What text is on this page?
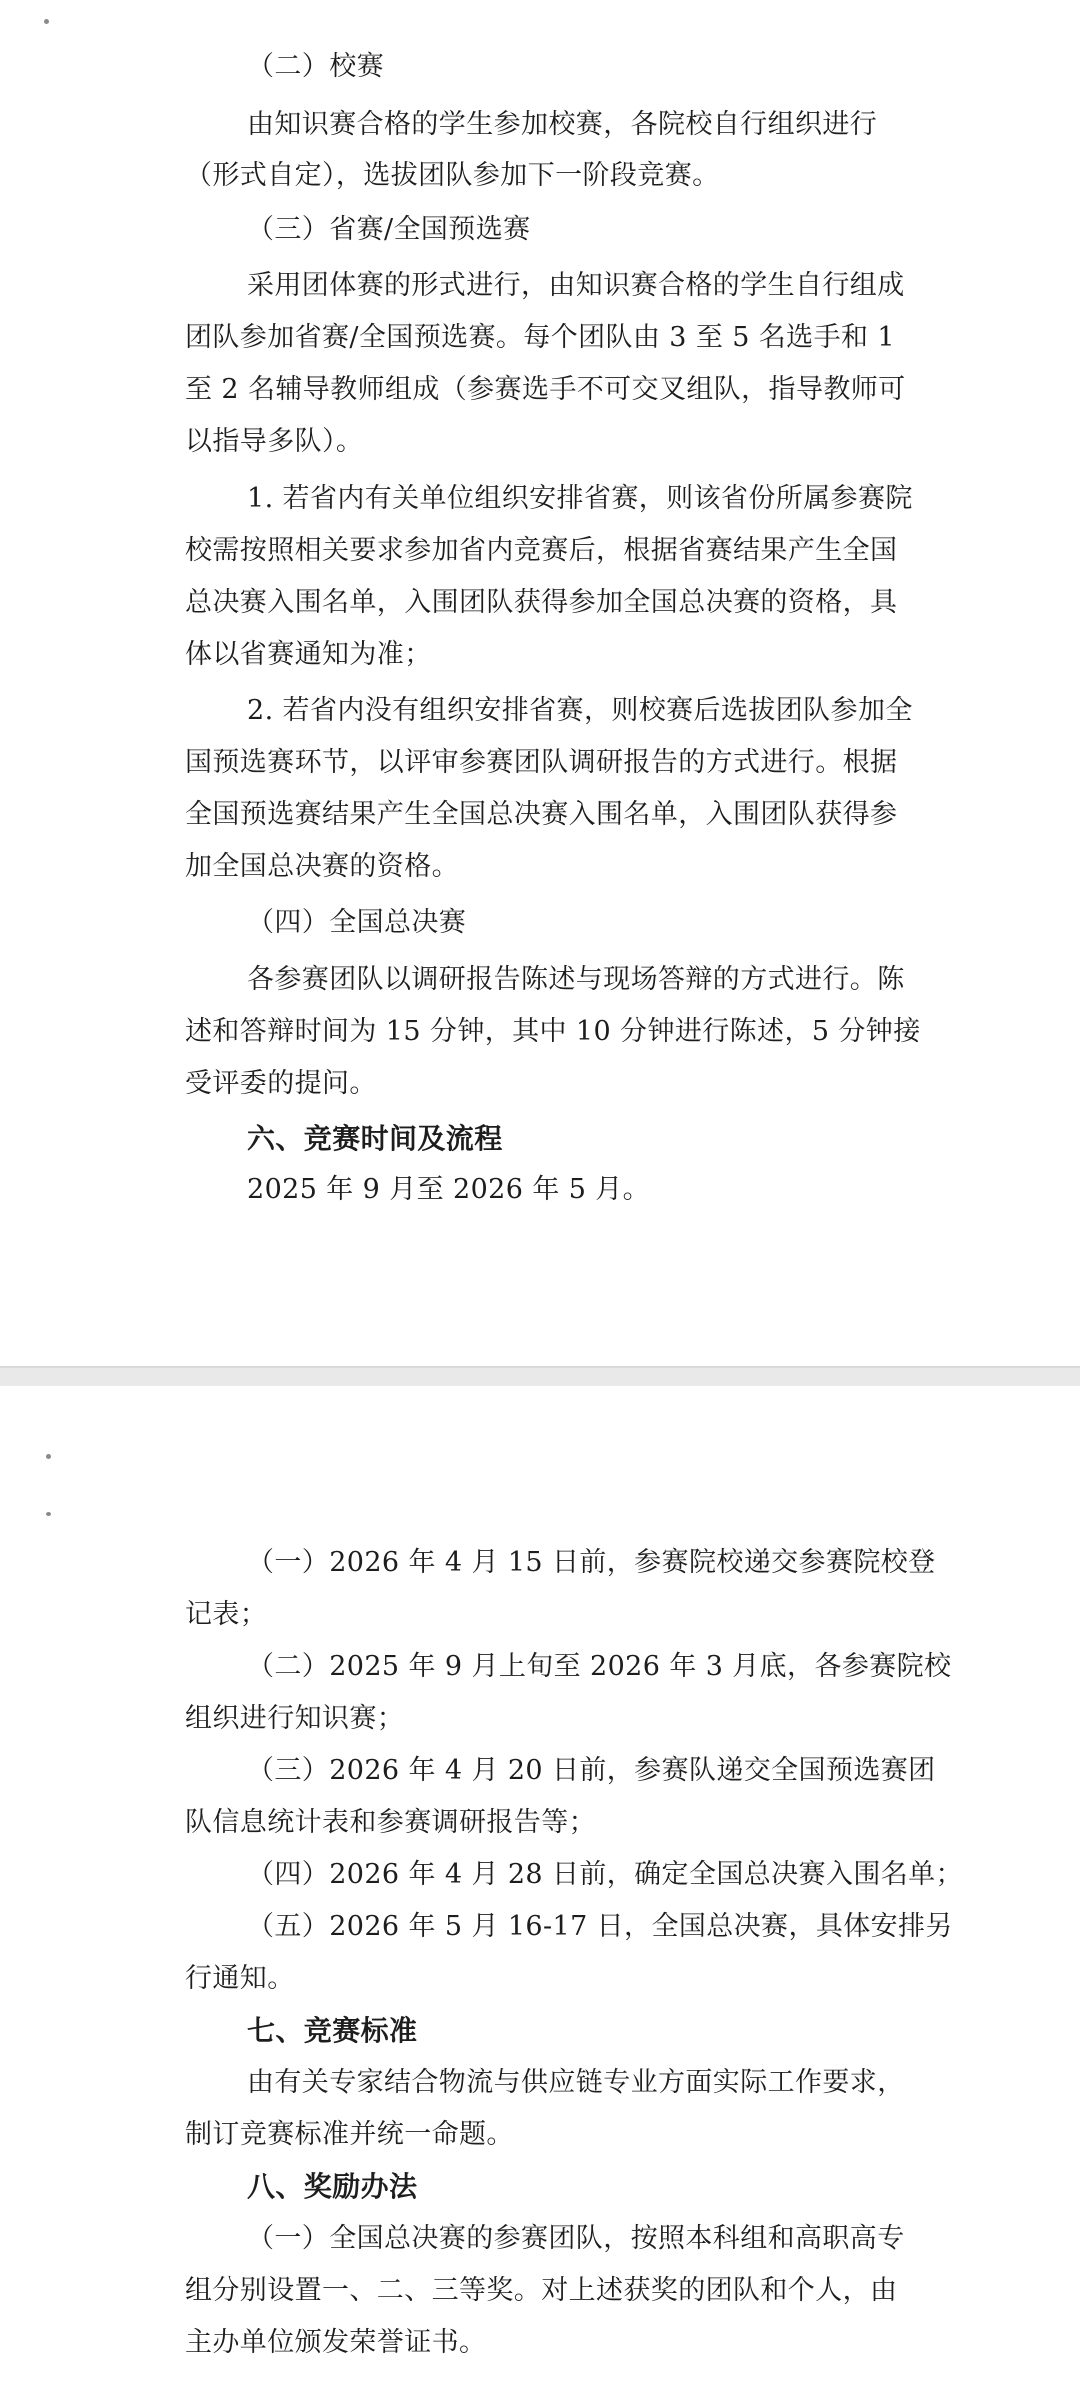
（二）校赛
由知识赛合格的学生参加校赛，各院校自行组织进行
（形式自定），选拔团队参加下一阶段竞赛。
（三）省赛/全国预选赛
采用团体赛的形式进行，由知识赛合格的学生自行组成
团队参加省赛/全国预选赛。每个团队由 3 至 5 名选手和 1
至 2 名辅导教师组成（参赛选手不可交叉组队，指导教师可
以指导多队）。
1. 若省内有关单位组织安排省赛，则该省份所属参赛院
校需按照相关要求参加省内竞赛后，根据省赛结果产生全国
总决赛入围名单，入围团队获得参加全国总决赛的资格，具
体以省赛通知为准；
2. 若省内没有组织安排省赛，则校赛后选拔团队参加全
国预选赛环节，以评审参赛团队调研报告的方式进行。根据
全国预选赛结果产生全国总决赛入围名单，入围团队获得参
加全国总决赛的资格。
（四）全国总决赛
各参赛团队以调研报告陈述与现场答辩的方式进行。陈
述和答辩时间为 15 分钟，其中 10 分钟进行陈述，5 分钟接
受评委的提问。
六、竞赛时间及流程
2025 年 9 月至 2026 年 5 月。
（一）2026 年 4 月 15 日前，参赛院校递交参赛院校登
记表；
（二）2025 年 9 月上旬至 2026 年 3 月底，各参赛院校
组织进行知识赛；
（三）2026 年 4 月 20 日前，参赛队递交全国预选赛团
队信息统计表和参赛调研报告等；
（四）2026 年 4 月 28 日前，确定全国总决赛入围名单；
（五）2026 年 5 月 16-17 日，全国总决赛，具体安排另
行通知。
七、竞赛标准
由有关专家结合物流与供应链专业方面实际工作要求，
制订竞赛标准并统一命题。
八、奖励办法
（一）全国总决赛的参赛团队，按照本科组和高职高专
组分别设置一、二、三等奖。对上述获奖的团队和个人，由
主办单位颁发荣誉证书。
